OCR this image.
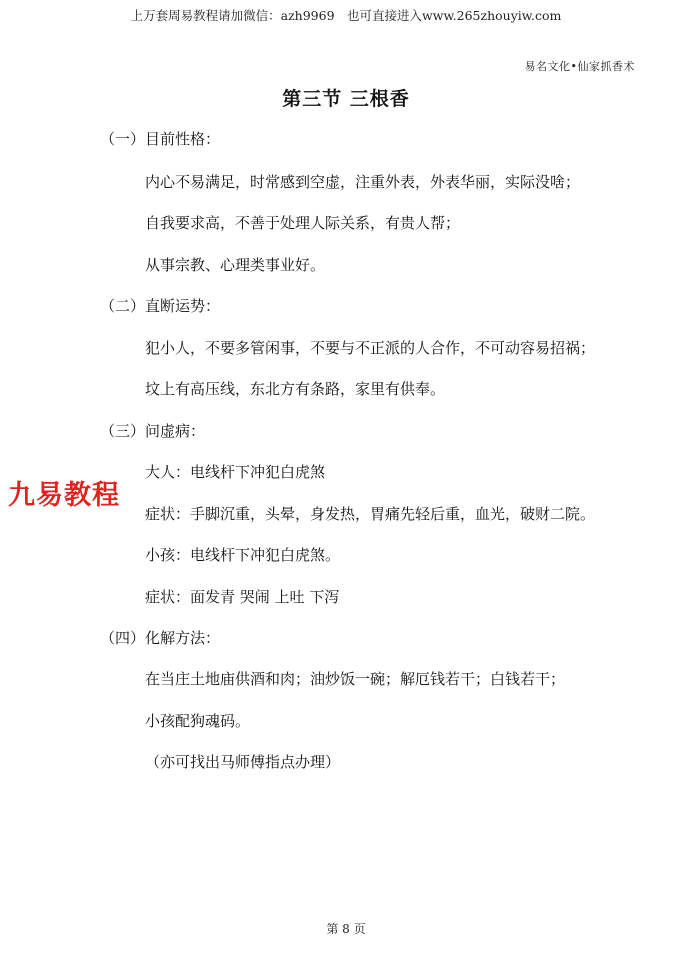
上万套周易教程请加微信：azh9969　也可直接进入www.265zhouyiw.com
易名文化•仙家抓香术
第三节 三根香
（一）目前性格：
内心不易满足，时常感到空虚，注重外表，外表华丽，实际没啥；
自我要求高，不善于处理人际关系，有贵人帮；
从事宗教、心理类事业好。
（二）直断运势：
犯小人，不要多管闲事，不要与不正派的人合作，不可动容易招祸；
坟上有高压线，东北方有条路，家里有供奉。
（三）问虚病：
大人：电线杆下冲犯白虎煞
症状：手脚沉重，头晕，身发热，胃痛先轻后重，血光，破财二院。
小孩：电线杆下冲犯白虎煞。
症状：面发青 哭闹 上吐 下泻
（四）化解方法：
在当庄土地庙供酒和肉；油炒饭一碗；解厄钱若干；白钱若干；
小孩配狗魂码。
（亦可找出马师傅指点办理）
九易教程
第 8 页
